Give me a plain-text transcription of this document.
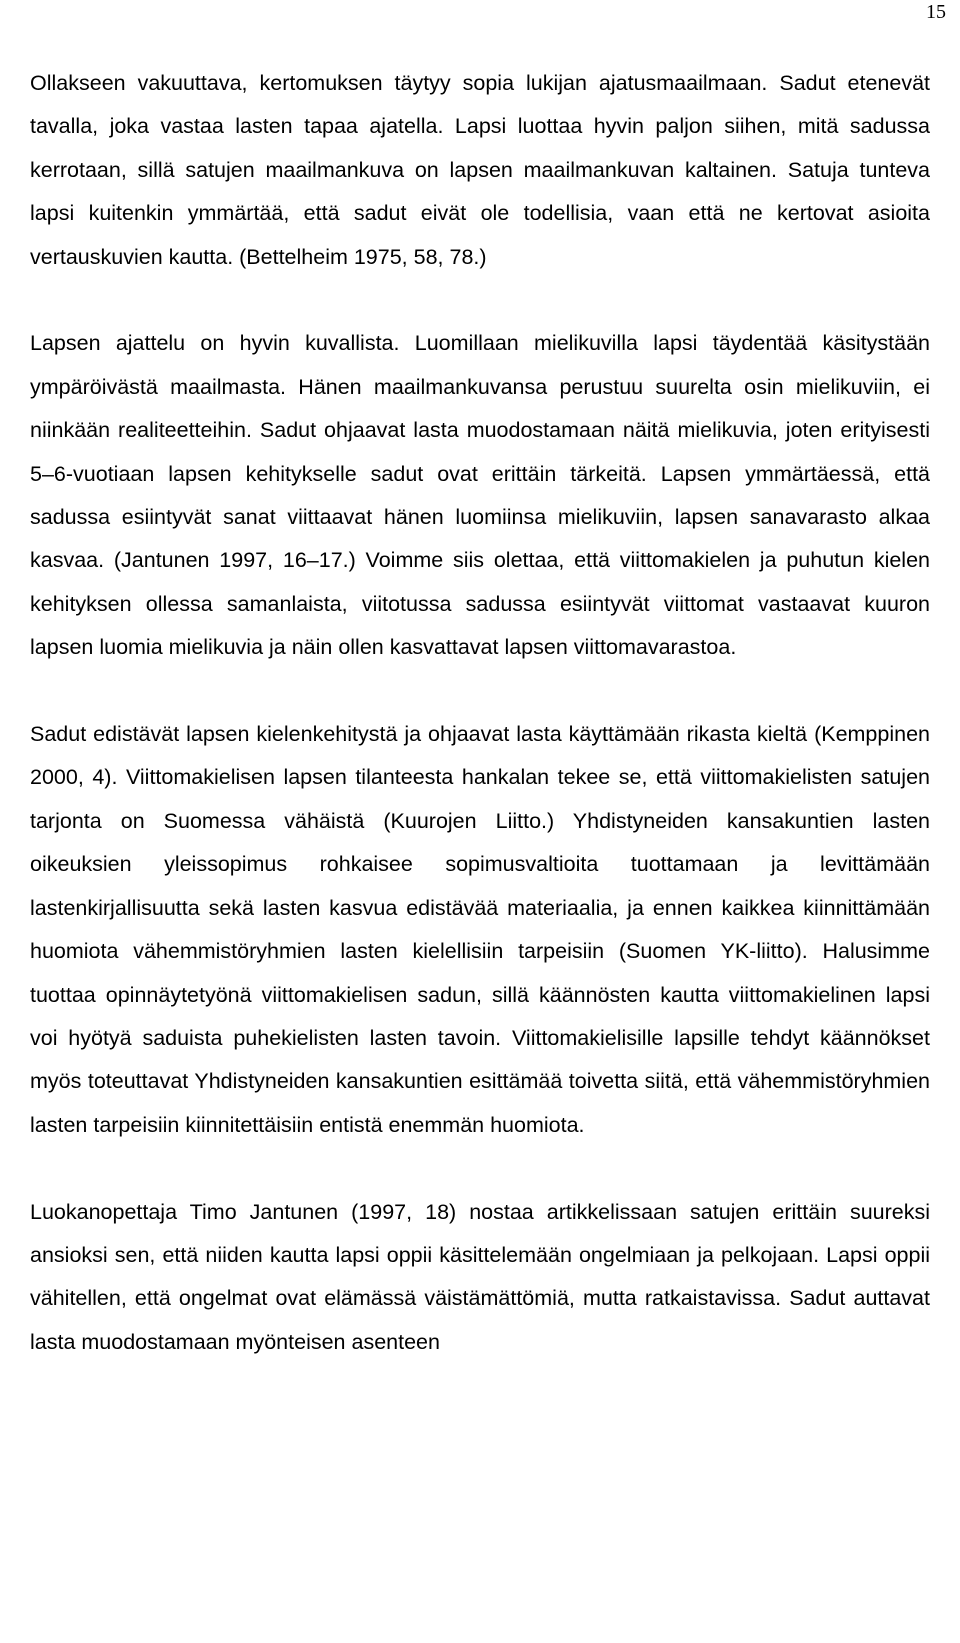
15

Ollakseen vakuuttava, kertomuksen täytyy sopia lukijan ajatusmaailmaan. Sadut etenevät tavalla, joka vastaa lasten tapaa ajatella. Lapsi luottaa hyvin paljon siihen, mitä sadussa kerrotaan, sillä satujen maailmankuva on lapsen maailmankuvan kaltainen. Satuja tunteva lapsi kuitenkin ymmärtää, että sadut eivät ole todellisia, vaan että ne kertovat asioita vertauskuvien kautta. (Bettelheim 1975, 58, 78.)

Lapsen ajattelu on hyvin kuvallista. Luomillaan mielikuvilla lapsi täydentää käsitystään ympäröivästä maailmasta. Hänen maailmankuvansa perustuu suurelta osin mielikuviin, ei niinkään realiteetteihin. Sadut ohjaavat lasta muodostamaan näitä mielikuvia, joten erityisesti 5–6-vuotiaan lapsen kehitykselle sadut ovat erittäin tärkeitä. Lapsen ymmärtäessä, että sadussa esiintyvät sanat viittaavat hänen luomiinsa mielikuviin, lapsen sanavarasto alkaa kasvaa. (Jantunen 1997, 16–17.) Voimme siis olettaa, että viittomakielen ja puhutun kielen kehityksen ollessa samanlaista, viitotussa sadussa esiintyvät viittomat vastaavat kuuron lapsen luomia mielikuvia ja näin ollen kasvattavat lapsen viittomavarastoa.

Sadut edistävät lapsen kielenkehitystä ja ohjaavat lasta käyttämään rikasta kieltä (Kemppinen 2000, 4). Viittomakielisen lapsen tilanteesta hankalan tekee se, että viittomakielisten satujen tarjonta on Suomessa vähäistä (Kuurojen Liitto.) Yhdistyneiden kansakuntien lasten oikeuksien yleissopimus rohkaisee sopimusvaltioita tuottamaan ja levittämään lastenkirjallisuutta sekä lasten kasvua edistävää materiaalia, ja ennen kaikkea kiinnittämään huomiota vähemmistöryhmien lasten kielellisiin tarpeisiin (Suomen YK-liitto). Halusimme tuottaa opinnäytetyönä viittomakielisen sadun, sillä käännösten kautta viittomakielinen lapsi voi hyötyä saduista puhekielisten lasten tavoin. Viittomakielisille lapsille tehdyt käännökset myös toteuttavat Yhdistyneiden kansakuntien esittämää toivetta siitä, että vähemmistöryhmien lasten tarpeisiin kiinnitettäisiin entistä enemmän huomiota.

Luokanopettaja Timo Jantunen (1997, 18) nostaa artikkelissaan satujen erittäin suureksi ansioksi sen, että niiden kautta lapsi oppii käsittelemään ongelmiaan ja pelkojaan. Lapsi oppii vähitellen, että ongelmat ovat elämässä väistämättömiä, mutta ratkaistavissa. Sadut auttavat lasta muodostamaan myönteisen asenteen
